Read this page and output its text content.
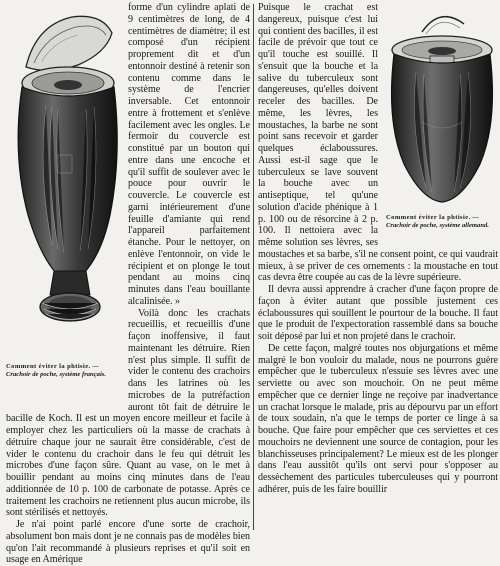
Comment éviter la phtisie. — Crachoir de poche, système français.

forme d'un cylindre aplati de 9 centimètres de long, de 4 centimètres de diamètre; il est composé d'un récipient proprement dit et d'un entonnoir destiné à retenir son contenu comme dans le système de l'encrier inversable. Cet entonnoir entre à frottement et s'enlève facilement avec les ongles. Le fermoir du couvercle est constitué par un bouton qui entre dans une encoche et qu'il suffit de soulever avec le pouce pour ouvrir le couvercle. Le couvercle est garni intérieurement d'une feuille d'amiante qui rend l'appareil parfaitement étanche. Pour le nettoyer, on enlève l'entonnoir, on vide le récipient et on plonge le tout pendant au moins cinq minutes dans l'eau bouillante alcalinisée. »

Voilà donc les crachats recueillis, et recueillis d'une façon inoffensive, il faut maintenant les détruire. Rien n'est plus simple. Il suffit de vider le contenu des crachoirs dans les latrines où les microbes de la putréfaction auront tôt fait de détruire le bacille de Koch. Il est un moyen encore meilleur et facile à employer chez les particuliers où la masse de crachats à détruire chaque jour ne saurait être considérable, c'est de vider le contenu du crachoir dans le feu qui détruit les microbes d'une façon sûre. Quant au vase, on le met à bouillir pendant au moins cinq minutes dans de l'eau additionnée de 10 p. 100 de carbonate de potasse. Après ce traitement les crachoirs ne retiennent plus aucun microbe, ils sont stérilisés et nettoyés.

Je n'ai point parlé encore d'une sorte de crachoir, absolument bon mais dont je ne connais pas de modèles bien qu'on l'ait recommandé à plusieurs reprises et qu'il soit en usage en Amérique

Comment éviter la phtisie. — Crachoir de poche, système allemand.

Puisque le crachat est dangereux, puisque c'est lui qui contient des bacilles, il est facile de prévoir que tout ce qu'il touche est souillé. Il s'ensuit que la bouche et la salive du tuberculeux sont dangereuses, qu'elles doivent receler des bacilles. De même, les lèvres, les moustaches, la barbe ne sont point sans recevoir et garder quelques éclaboussures. Aussi est-il sage que le tuberculeux se lave souvent la bouche avec un antiseptique, tel qu'une solution d'acide phénique à 1 p. 100 ou de résorcine à 2 p. 100. Il nettoiera avec la même solution ses lèvres, ses moustaches et sa barbe, s'il ne consent point, ce qui vaudrait mieux, à se priver de ces ornements : la moustache en tout cas devra être coupée au cas de la lèvre supérieure.

Il devra aussi apprendre à cracher d'une façon propre de façon à éviter autant que possible justement ces éclaboussures qui souillent le pourtour de la bouche. Il faut que le produit de l'expectoration rassemblé dans sa bouche soit déposé par lui et non projeté dans le crachoir.

De cette façon, malgré toutes nos objurgations et même malgré le bon vouloir du malade, nous ne pourrons guère empêcher que le tuberculeux n'essuie ses lèvres avec une serviette ou avec son mouchoir. On ne peut même empêcher que ce dernier linge ne reçoive par inadvertance un crachat lorsque le malade, pris au dépourvu par un effort de toux soudain, n'a que le temps de porter ce linge à sa bouche. Que faire pour empêcher que ces serviettes et ces mouchoirs ne deviennent une source de contagion, pour les blanchisseuses principalement? Le mieux est de les plonger dans l'eau aussitôt qu'ils ont servi pour s'opposer au dessèchement des particules tuberculeuses qui y pourront adhérer, puis de les faire bouillir
